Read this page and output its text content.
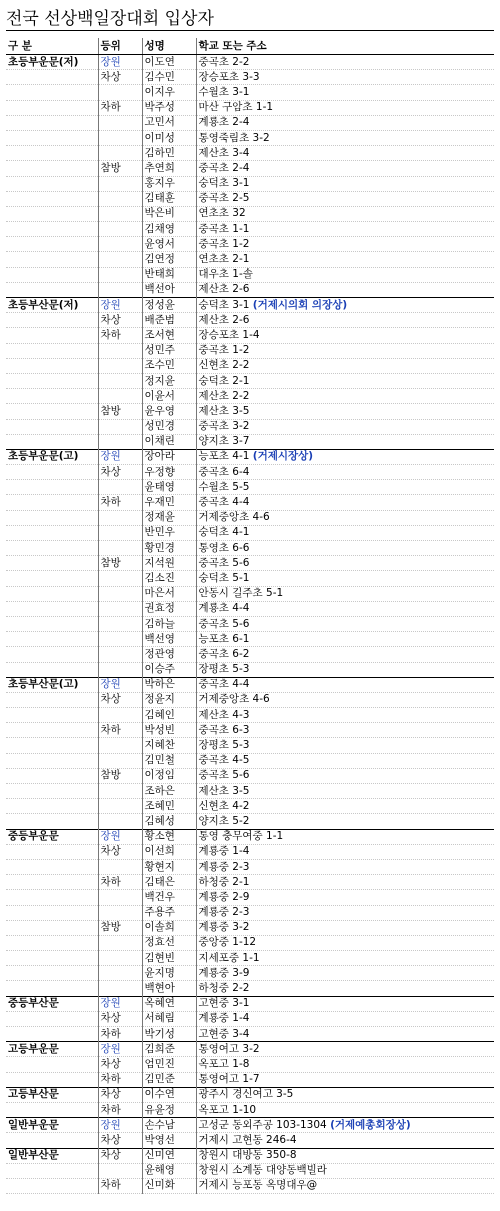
전국 선상백일장대회 입상자
구 분	등위	성명	학교 또는 주소
초등부운문(저)	장원	이도연	중곡초 2-2
	차상	김수민	장승포초 3-3
		이지우	수월초 3-1
	차하	박주성	마산 구암초 1-1
		고민서	계룡초 2-4
		이미성	통영죽림초 3-2
		김하민	제산초 3-4
	참방	추연희	중곡초 2-4
		홍지우	숭덕초 3-1
		김태훈	중곡초 2-5
		박은비	연초초 32
		김채영	중곡초 1-1
		윤영서	중곡초 1-2
		김연정	연초초 2-1
		반태희	대우초 1-솔
		백선아	제산초 2-6
초등부산문(저)	장원	정성윤	숭덕초 3-1 (거제시의회 의장상)
	차상	배준범	제산초 2-6
	차하	조서현	장승포초 1-4
		성민주	중곡초 1-2
		조수민	신현초 2-2
		정지윤	숭덕초 2-1
		이윤서	제산초 2-2
	참방	윤우영	제산초 3-5
		성민경	중곡초 3-2
		이채린	양지초 3-7
초등부운문(고)	장원	장아라	능포초 4-1 (거제시장상)
	차상	우정향	중곡초 6-4
		윤태영	수월초 5-5
	차하	우재민	중곡초 4-4
		정재윤	거제중앙초 4-6
		반민우	숭덕초 4-1
		황민경	통영초 6-6
	참방	지석원	중곡초 5-6
		김소진	숭덕초 5-1
		마은서	안동시 길주초 5-1
		권효정	계룡초 4-4
		김하늘	중곡초 5-6
		백선영	능포초 6-1
		정관영	중곡초 6-2
		이승주	장평초 5-3
초등부산문(고)	장원	박하은	중곡초 4-4
	차상	정윤지	거제중앙초 4-6
		김혜인	제산초 4-3
	차하	박성빈	중곡초 6-3
		지혜찬	장평초 5-3
		김민철	중곡초 4-5
	참방	이정임	중곡초 5-6
		조하은	제산초 3-5
		조혜민	신현초 4-2
		김혜성	양지초 5-2
중등부운문	장원	황소현	통영 충무여중 1-1
	차상	이선희	계룡중 1-4
		황현지	계룡중 2-3
	차하	김태은	하청중 2-1
		백건우	계룡중 2-9
		주용주	계룡중 2-3
	참방	이솔희	계룡중 3-2
		정효선	중앙중 1-12
		김현빈	지세포중 1-1
		윤지명	계룡중 3-9
		백현아	하청중 2-2
중등부산문	장원	옥혜연	고현중 3-1
	차상	서혜림	계룡중 1-4
	차하	박기성	고현중 3-4
고등부운문	장원	김희준	통영여고 3-2
	차상	엄민진	옥포고 1-8
	차하	김민준	통영여고 1-7
고등부산문	차상	이수연	광주시 경신여고 3-5
	차하	유윤정	옥포고 1-10
일반부운문	장원	손수남	고성군 동외주공 103-1304 (거제예총회장상)
	차상	박영선	거제시 고현동 246-4
일반부산문	차상	신미연	창원시 대방동 350-8
		윤해영	창원시 소계동 대양동백빌라
	차하	신미화	거제시 능포동 옥명대우@
